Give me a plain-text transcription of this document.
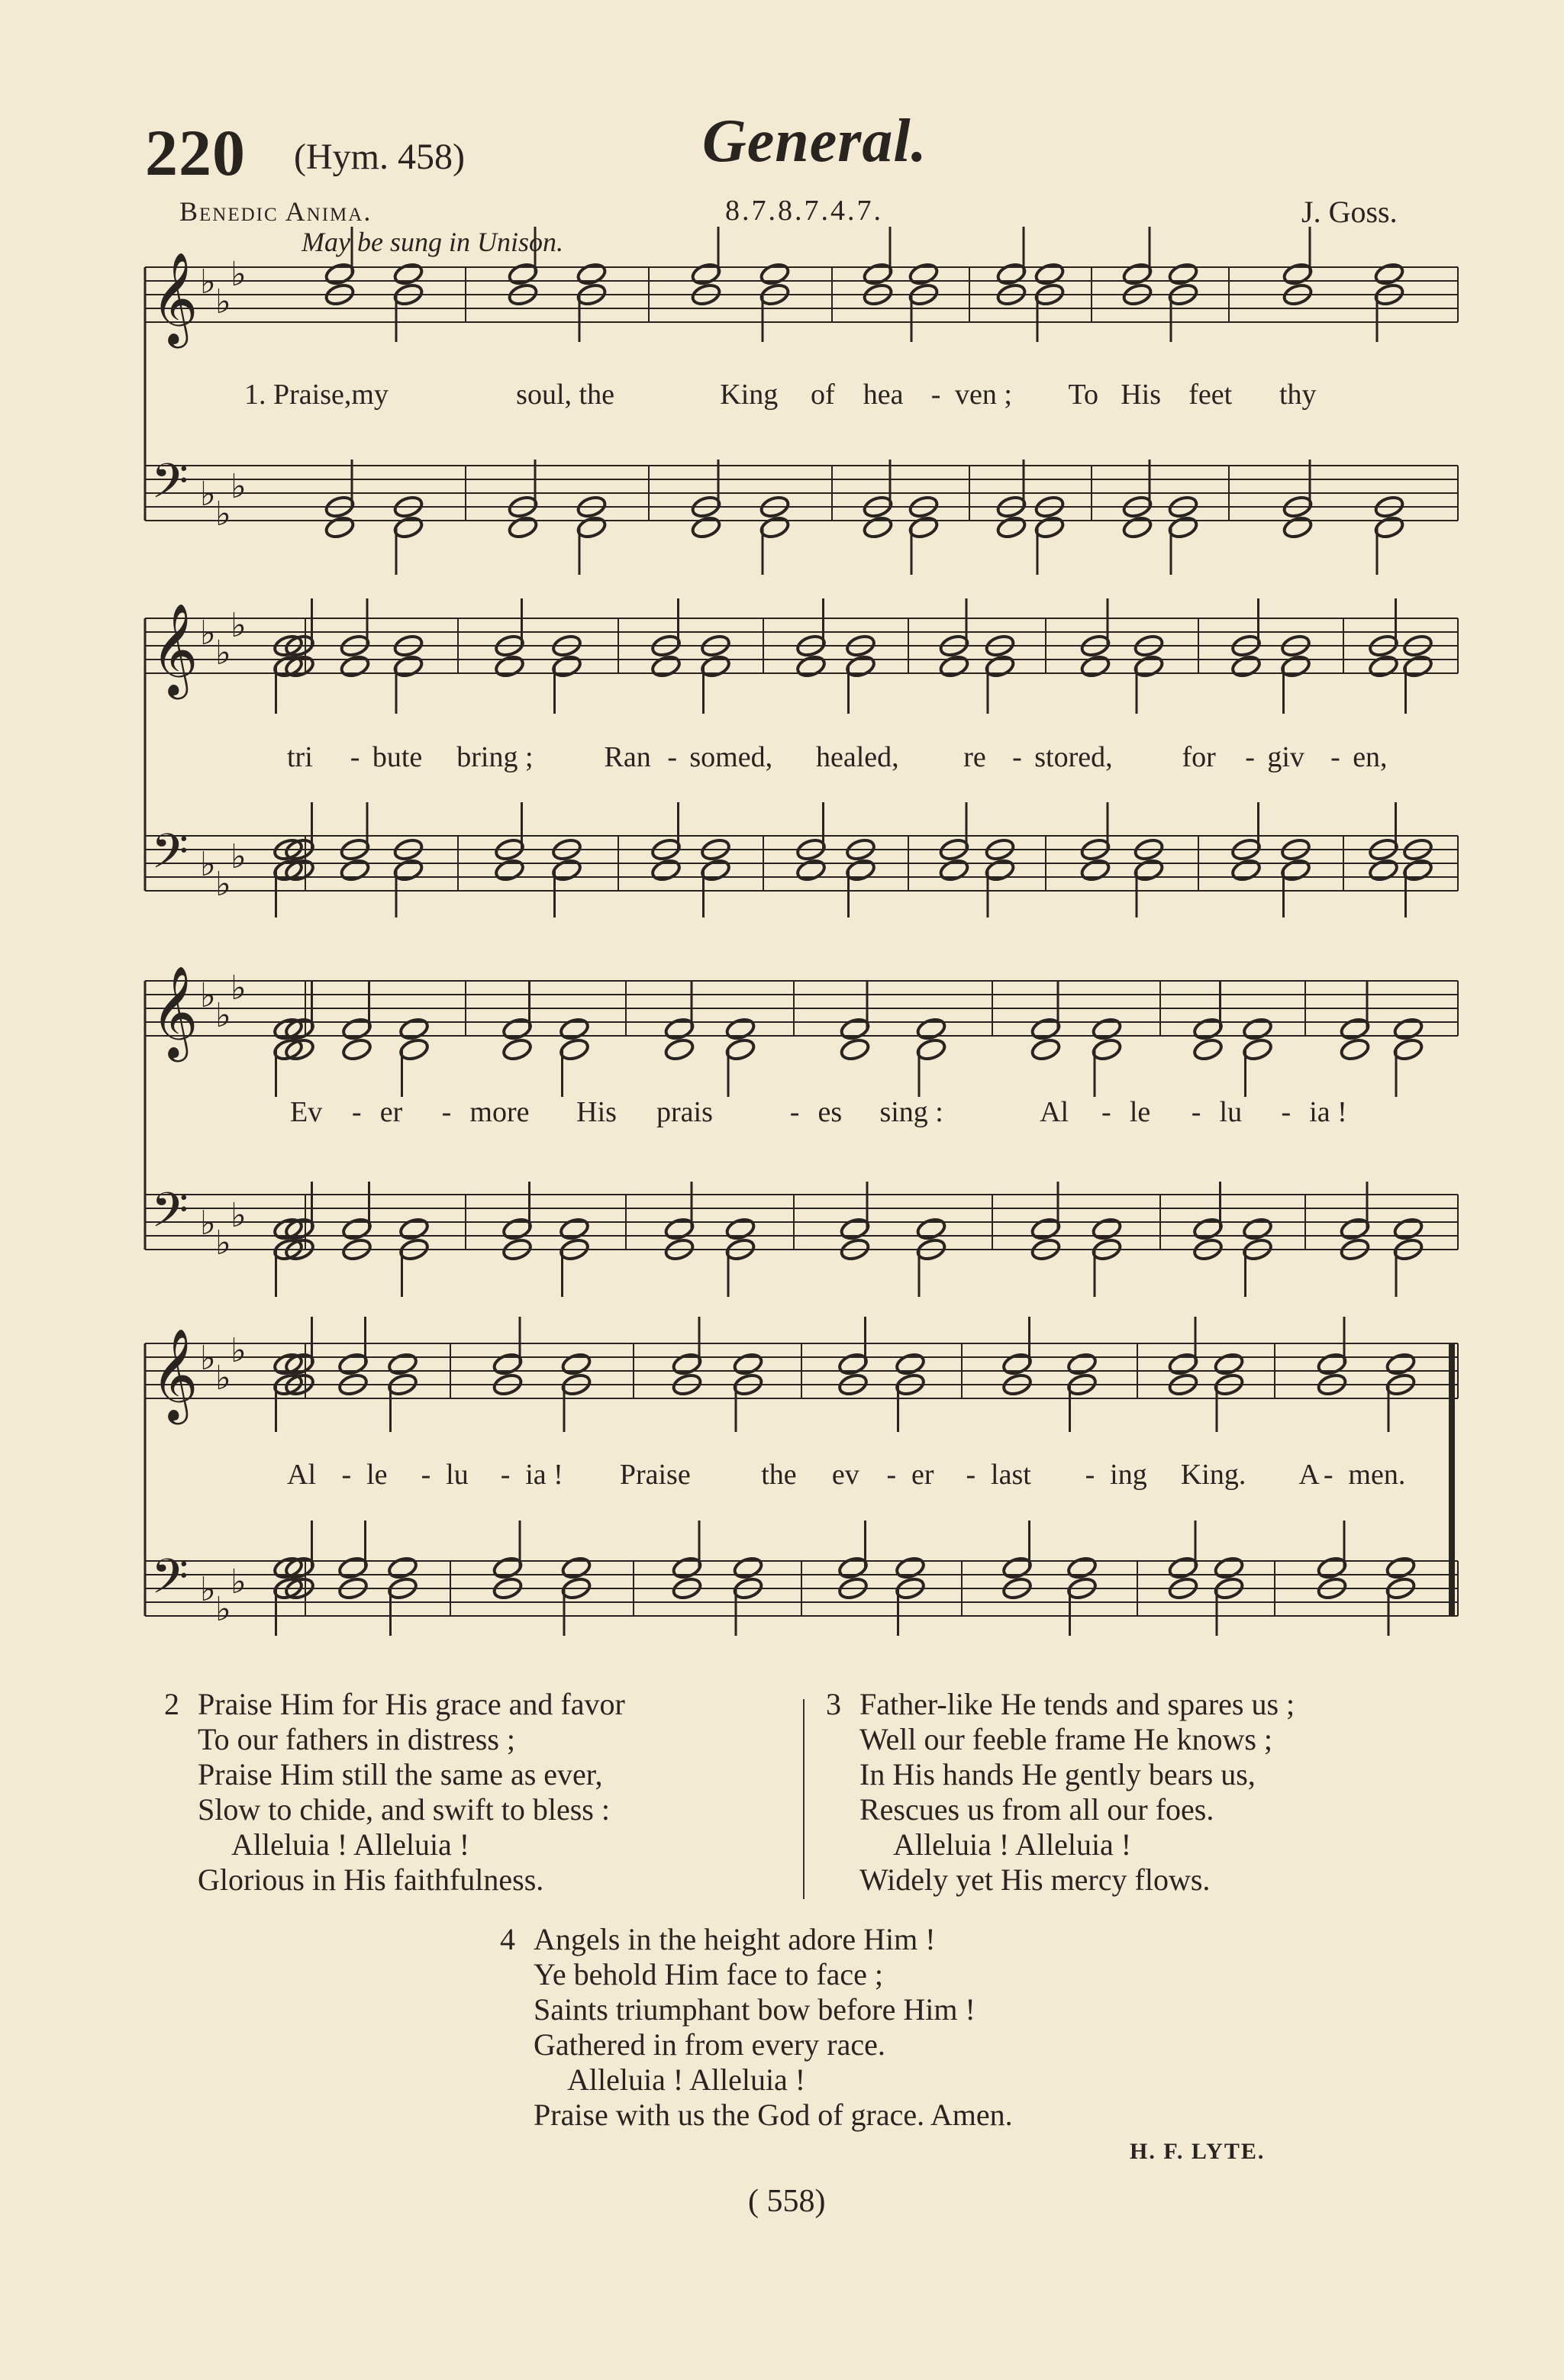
220 (Hym. 458)	General.
Benedic Anima.	8.7.8.7.4.7.	J. Goss.
May be sung in Unison.
𝄞 ♭
♭
♭
𝄢 ♭
♭
♭
1. Praise,my	soul, the	King of hea - ven ; To His feet thy
𝄞 ♭
♭
♭
𝄢 ♭
♭
♭
tri - bute bring ; Ran - somed, healed, re - stored, for - giv - en,
𝄞 ♭
♭
♭
𝄢 ♭
♭
♭
Ev - er - more His prais	- es sing :	Al - le - lu - ia !
𝄞 ♭
♭
♭
𝄢 ♭
♭
♭
Al - le - lu - ia ! Praise the ev - er - last - ing King. A - men.
2 Praise Him for His grace and favor
To our fathers in distress ;
Praise Him still the same as ever,
Slow to chide, and swift to bless :
Alleluia ! Alleluia !
Glorious in His faithfulness.
3 Father-like He tends and spares us ;
Well our feeble frame He knows ;
In His hands He gently bears us,
Rescues us from all our foes.
Alleluia ! Alleluia !
Widely yet His mercy flows.
4 Angels in the height adore Him !
Ye behold Him face to face ;
Saints triumphant bow before Him !
Gathered in from every race.
Alleluia ! Alleluia !
Praise with us the God of grace. Amen.
H. F. LYTE.
( 558)
